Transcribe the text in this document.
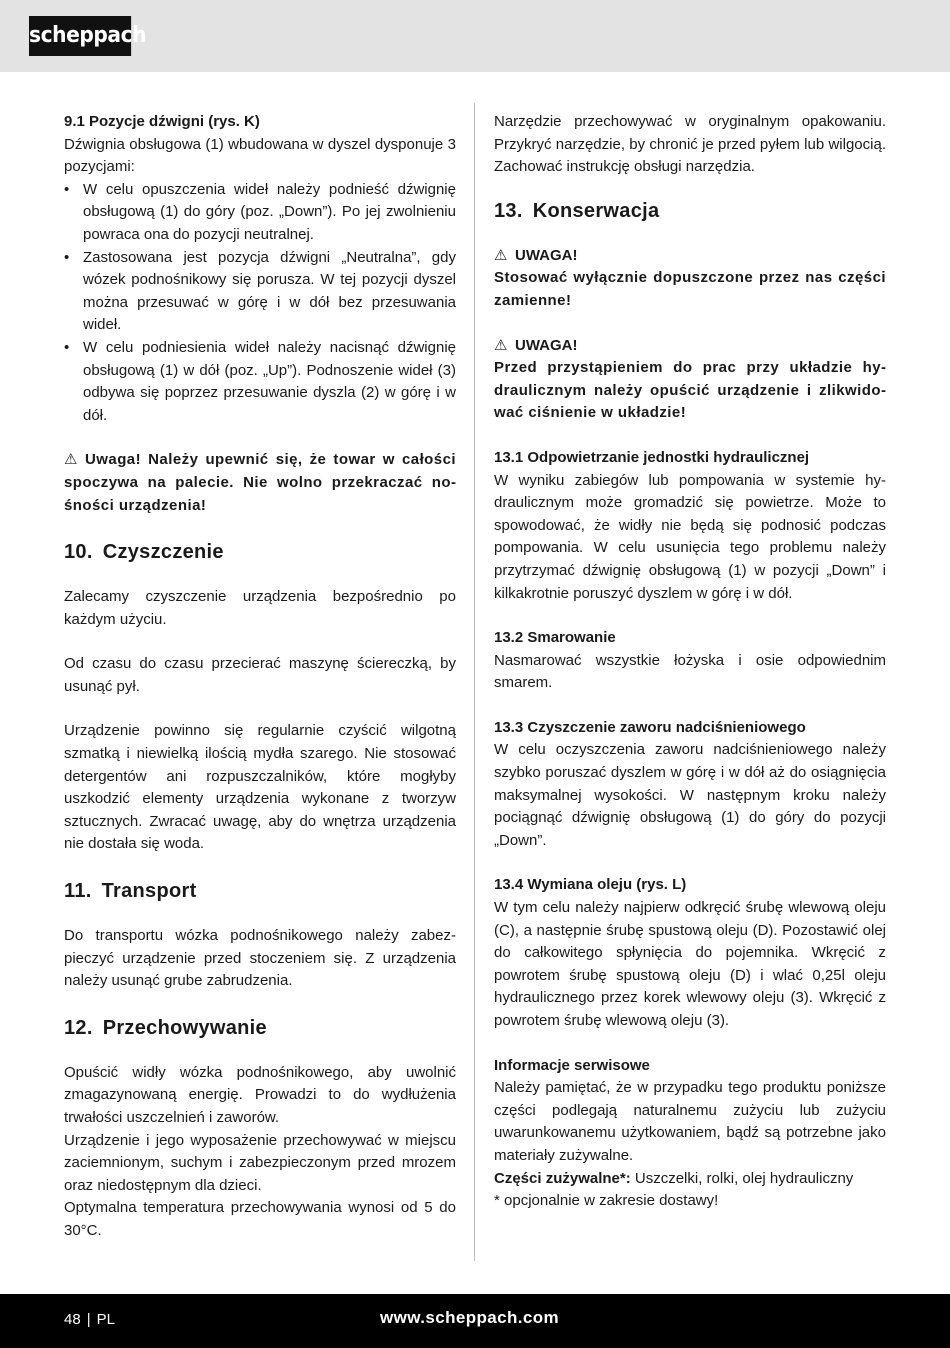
scheppach
9.1 Pozycje dźwigni (rys. K)
Dźwignia obsługowa (1) wbudowana w dyszel dysponuje 3 pozycjami:
• W celu opuszczenia wideł należy podnieść dźwignię obsługową (1) do góry (poz. „Down”). Po jej zwolnieniu powraca ona do pozycji neutralnej.
• Zastosowana jest pozycja dźwigni „Neutralna”, gdy wózek podnośnikowy się porusza. W tej pozycji dyszel można przesuwać w górę i w dół bez przesuwania wideł.
• W celu podniesienia wideł należy nacisnąć dźwignię obsługową (1) w dół (poz. „Up”). Podnoszenie wideł (3) odbywa się poprzez przesuwanie dyszla (2) w górę i w dół.
⚠ Uwaga! Należy upewnić się, że towar w całości spoczywa na palecie. Nie wolno przekraczać nośności urządzenia!
10. Czyszczenie

Zalecamy czyszczenie urządzenia bezpośrednio po każdym użyciu.

Od czasu do czasu przecierać maszynę ściereczką, by usunąć pył.

Urządzenie powinno się regularnie czyścić wilgotną szmatką i niewielką ilością mydła szarego. Nie stosować detergentów ani rozpuszczalników, które mogłyby uszkodzić elementy urządzenia wykonane z tworzyw sztucznych. Zwracać uwagę, aby do wnętrza urządzenia nie dostała się woda.

11. Transport

Do transportu wózka podnośnikowego należy zabezpieczyć urządzenie przed stoczeniem się. Z urządzenia należy usunąć grube zabrudzenia.

12. Przechowywanie

Opuścić widły wózka podnośnikowego, aby uwolnić zmagazynowaną energię. Prowadzi to do wydłużenia trwałości uszczelnień i zaworów.

Urządzenie i jego wyposażenie przechowywać w miejscu zaciemnionym, suchym i zabezpieczonym przed mrozem oraz niedostępnym dla dzieci.

Optymalna temperatura przechowywania wynosi od 5 do 30°C.

Narzędzie przechowywać w oryginalnym opakowaniu. Przykryć narzędzie, by chronić je przed pyłem lub wilgocią. Zachować instrukcję obsługi narzędzia.

13. Konserwacja
⚠ UWAGA!
Stosować wyłącznie dopuszczone przez nas części zamienne!
⚠ UWAGA!
Przed przystąpieniem do prac przy układzie hydraulicznym należy opuścić urządzenie i zlikwidować ciśnienie w układzie!
13.1 Odpowietrzanie jednostki hydraulicznej

W wyniku zabiegów lub pompowania w systemie hydraulicznym może gromadzić się powietrze. Może to spowodować, że widły nie będą się podnosić podczas pompowania. W celu usunięcia tego problemu należy przytrzymać dźwignię obsługową (1) w pozycji „Down” i kilkakrotnie poruszyć dyszlem w górę i w dół.

13.2 Smarowanie

Nasmarować wszystkie łożyska i osie odpowiednim smarem.

13.3 Czyszczenie zaworu nadciśnieniowego

W celu oczyszczenia zaworu nadciśnieniowego należy szybko poruszać dyszlem w górę i w dół aż do osiągnięcia maksymalnej wysokości. W następnym kroku należy pociągnąć dźwignię obsługową (1) do góry do pozycji „Down”.

13.4 Wymiana oleju (rys. L)

W tym celu należy najpierw odkręcić śrubę wlewową oleju (C), a następnie śrubę spustową oleju (D). Pozostawić olej do całkowitego spłynięcia do pojemnika. Wkręcić z powrotem śrubę spustową oleju (D) i wlać 0,25l oleju hydraulicznego przez korek wlewowy oleju (3). Wkręcić z powrotem śrubę wlewową oleju (3).

Informacje serwisowe

Należy pamiętać, że w przypadku tego produktu poniższe części podlegają naturalnemu zużyciu lub zużyciu uwarunkowanemu użytkowaniem, bądź są potrzebne jako materiały zużywalne.

Części zużywalne*: Uszczelki, rolki, olej hydrauliczny

* opcjonalnie w zakresie dostawy!

48 | PL	www.scheppach.com
